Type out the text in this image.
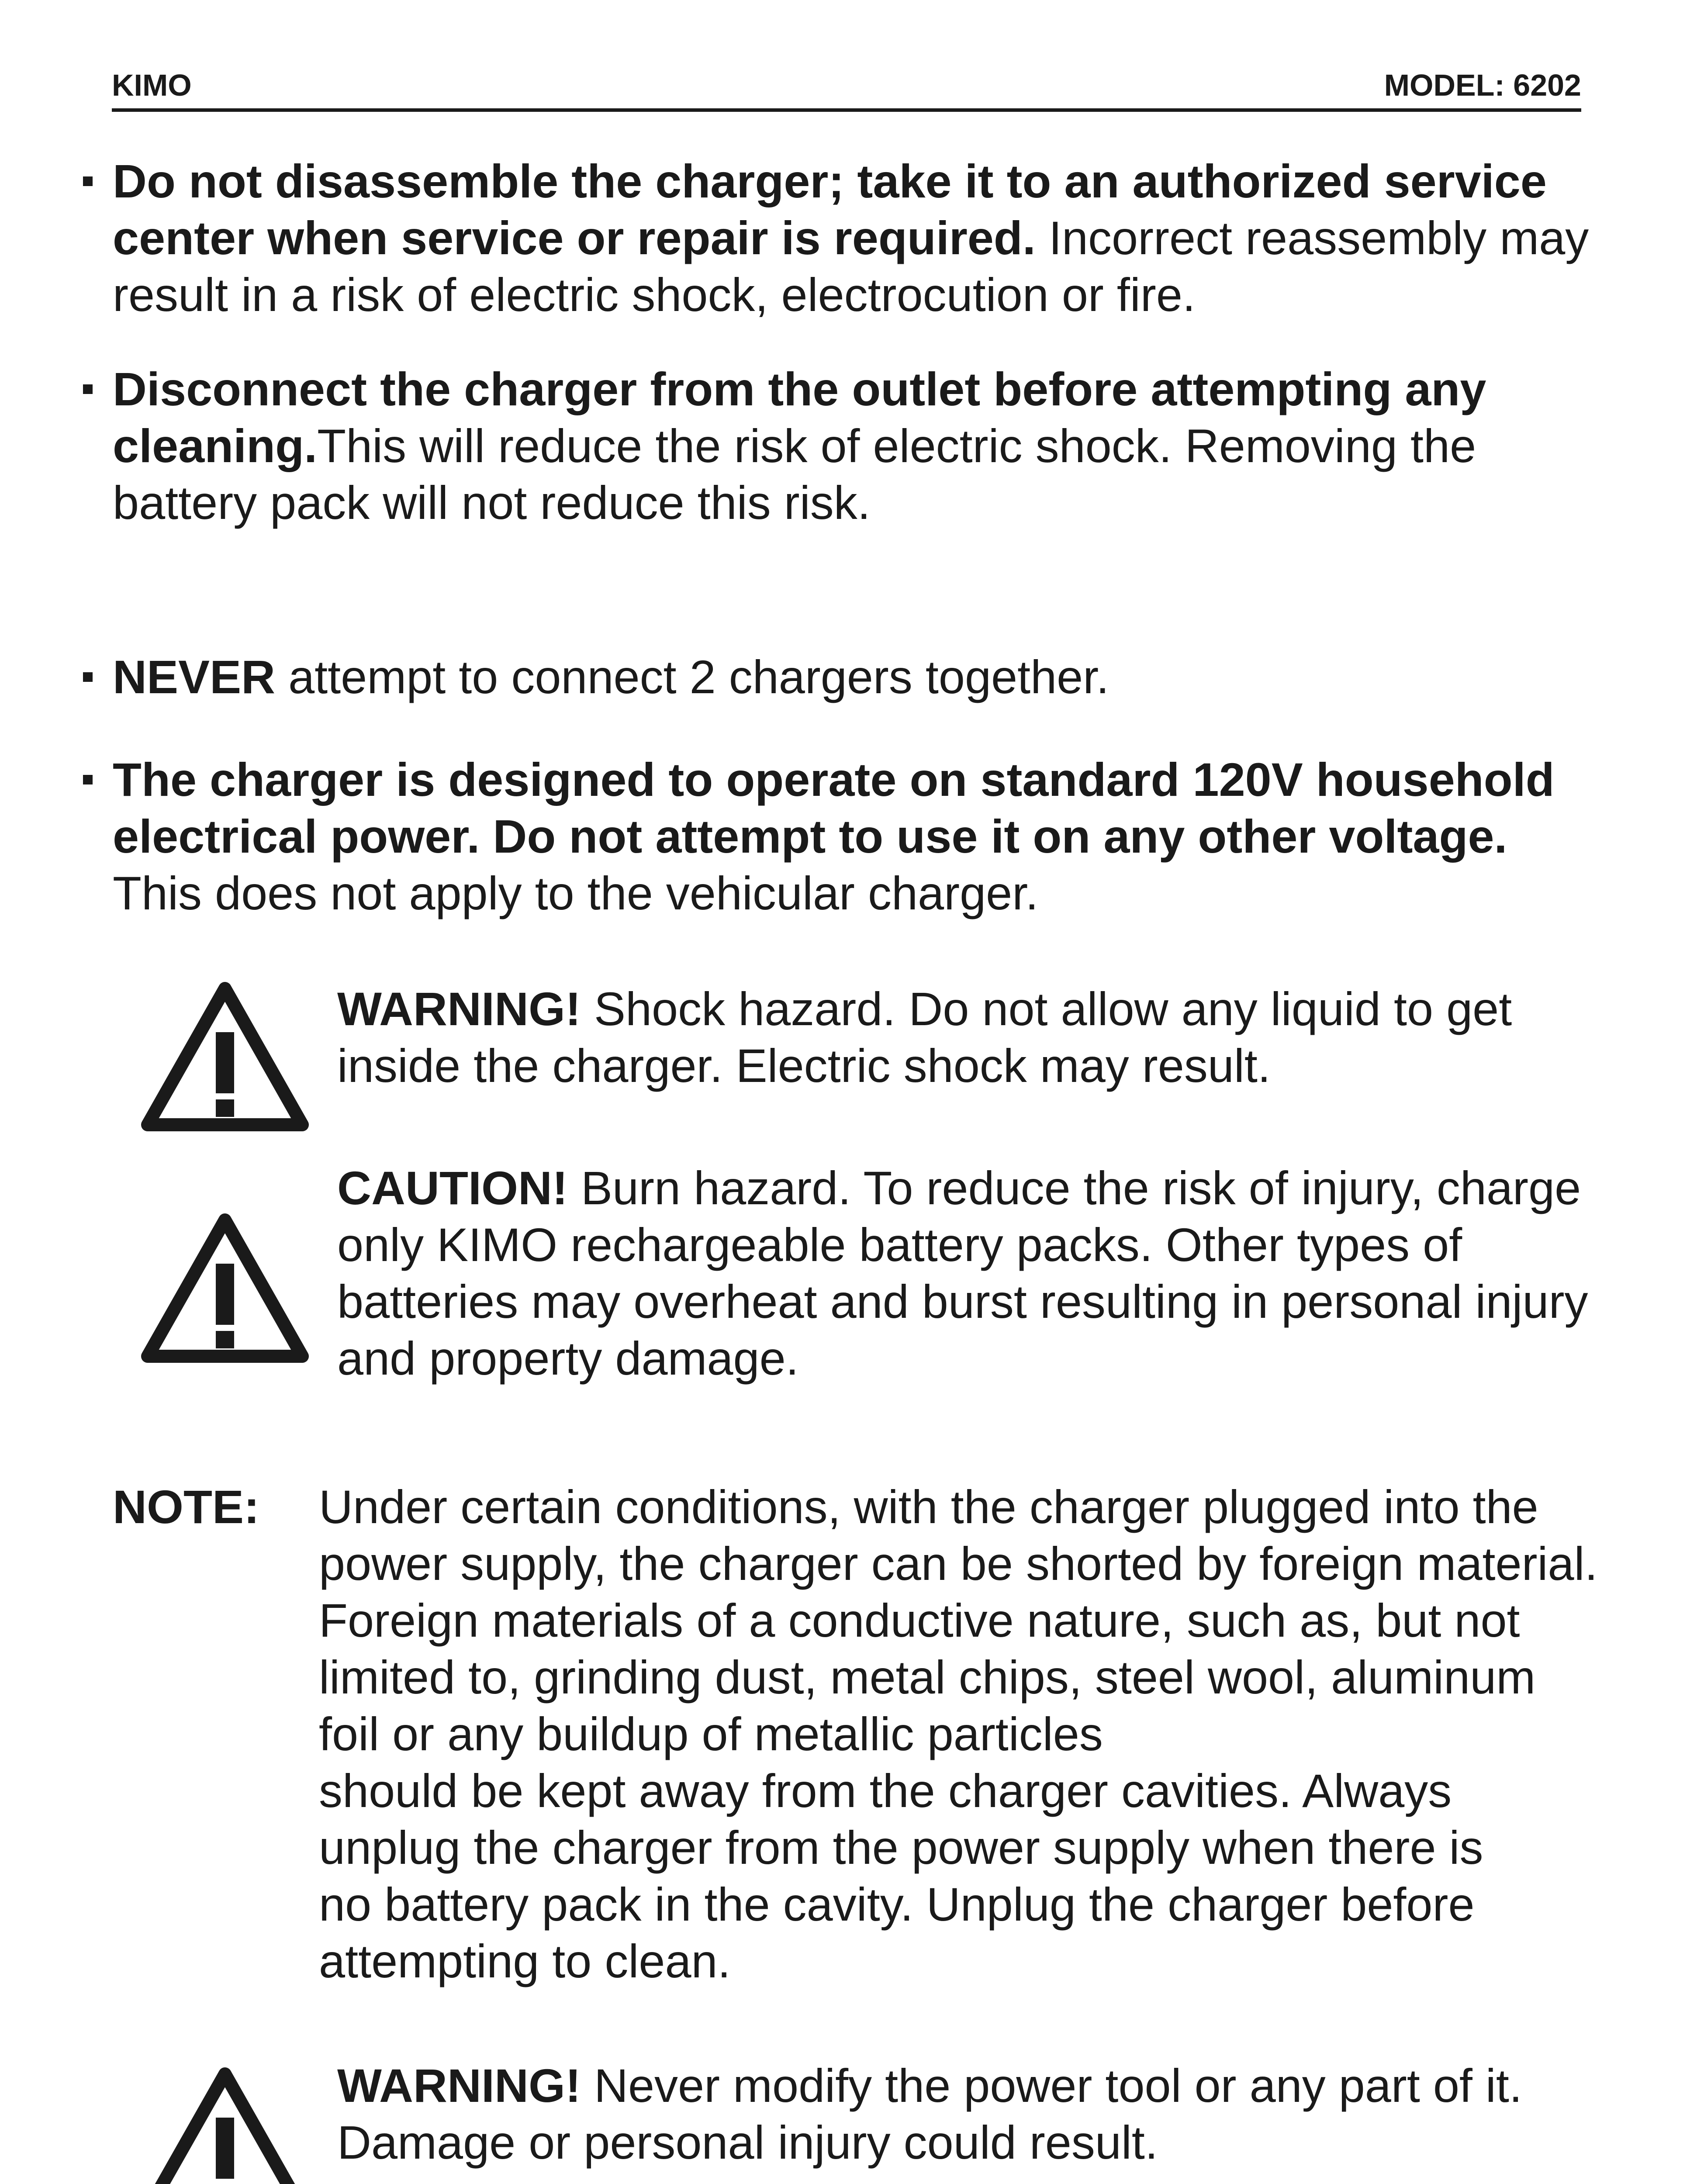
KIMO	MODEL: 6202
Do not disassemble the charger; take it to an authorized service center when service or repair is required. Incorrect reassembly may result in a risk of electric shock, electrocution or fire.
Disconnect the charger from the outlet before attempting any cleaning.This will reduce the risk of electric shock. Removing the battery pack will not reduce this risk.
NEVER attempt to connect 2 chargers together.
The charger is designed to operate on standard 120V household electrical power. Do not attempt to use it on any other voltage. This does not apply to the vehicular charger.
WARNING! Shock hazard. Do not allow any liquid to get inside the charger. Electric shock may result.
CAUTION! Burn hazard. To reduce the risk of injury, charge only KIMO rechargeable battery packs. Other types of batteries may overheat and burst resulting in personal injury and property damage.
NOTE: Under certain conditions, with the charger plugged into the
power supply, the charger can be shorted by foreign material.
Foreign materials of a conductive nature, such as, but not
limited to, grinding dust, metal chips, steel wool, aluminum
foil or any buildup of metallic particles
should be kept away from the charger cavities. Always
unplug the charger from the power supply when there is
no battery pack in the cavity. Unplug the charger before
attempting to clean.
WARNING! Never modify the power tool or any part of it. Damage or personal injury could result.
